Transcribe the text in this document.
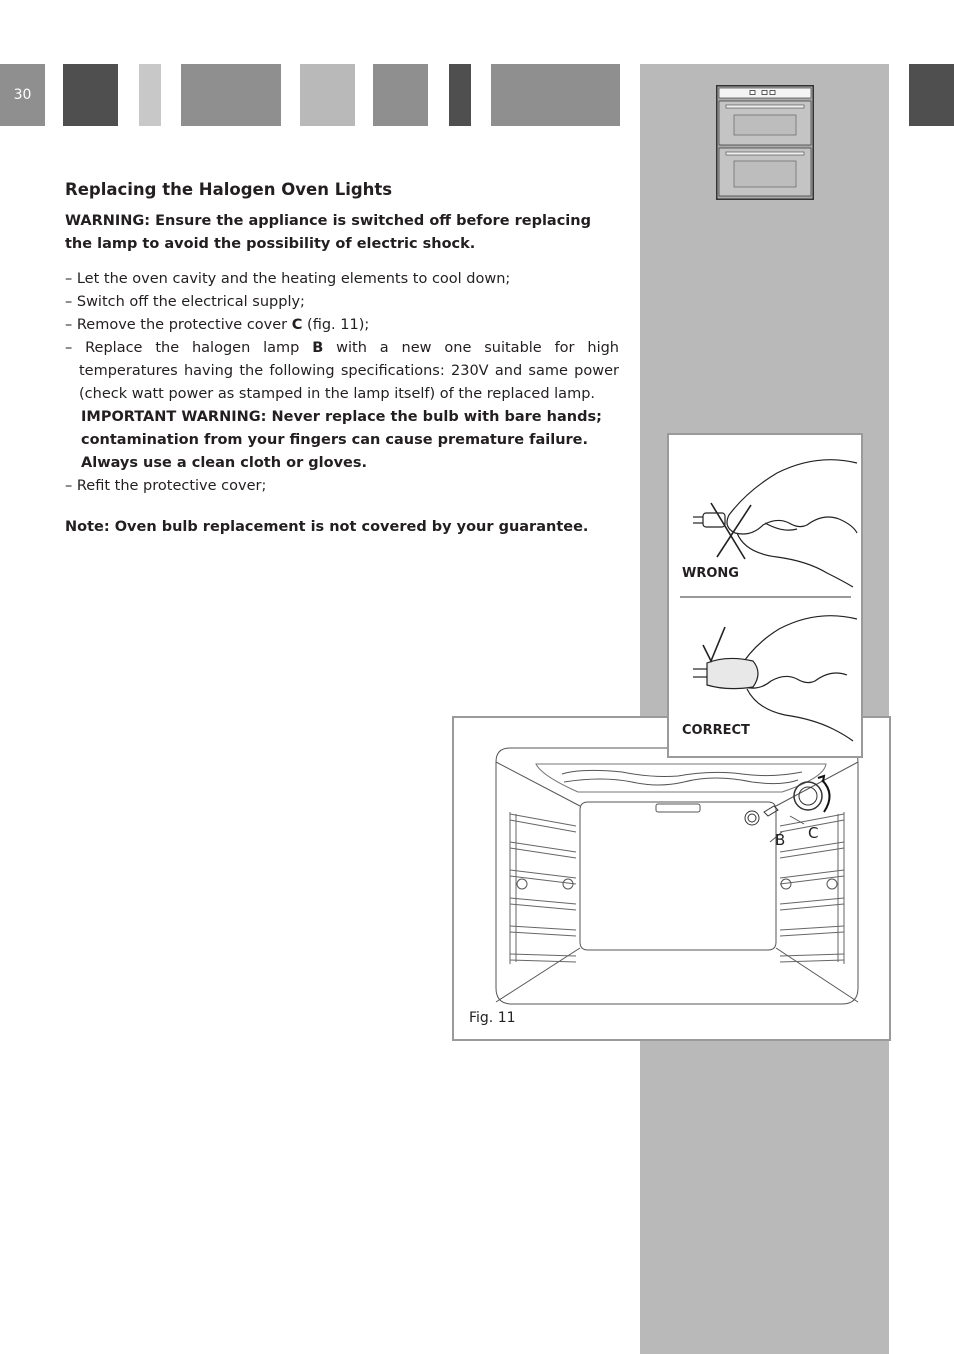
30
Replacing the Halogen Oven Lights

WARNING: Ensure the appliance is switched off before replacing the lamp to avoid the possibility of electric shock.

– Let the oven cavity and the heating elements to cool down;
– Switch off the electrical supply;
– Remove the protective cover C (fig. 11);
– Replace the halogen lamp B with a new one suitable for high temperatures having the following specifications: 230V and same power (check watt power as stamped in the lamp itself) of the replaced lamp.
IMPORTANT WARNING: Never replace the bulb with bare hands;
contamination from your fingers can cause premature failure.
Always use a clean cloth or gloves.
– Refit the protective cover;

Note: Oven bulb replacement is not covered by your guarantee.

B C
Fig. 11
WRONG
CORRECT
